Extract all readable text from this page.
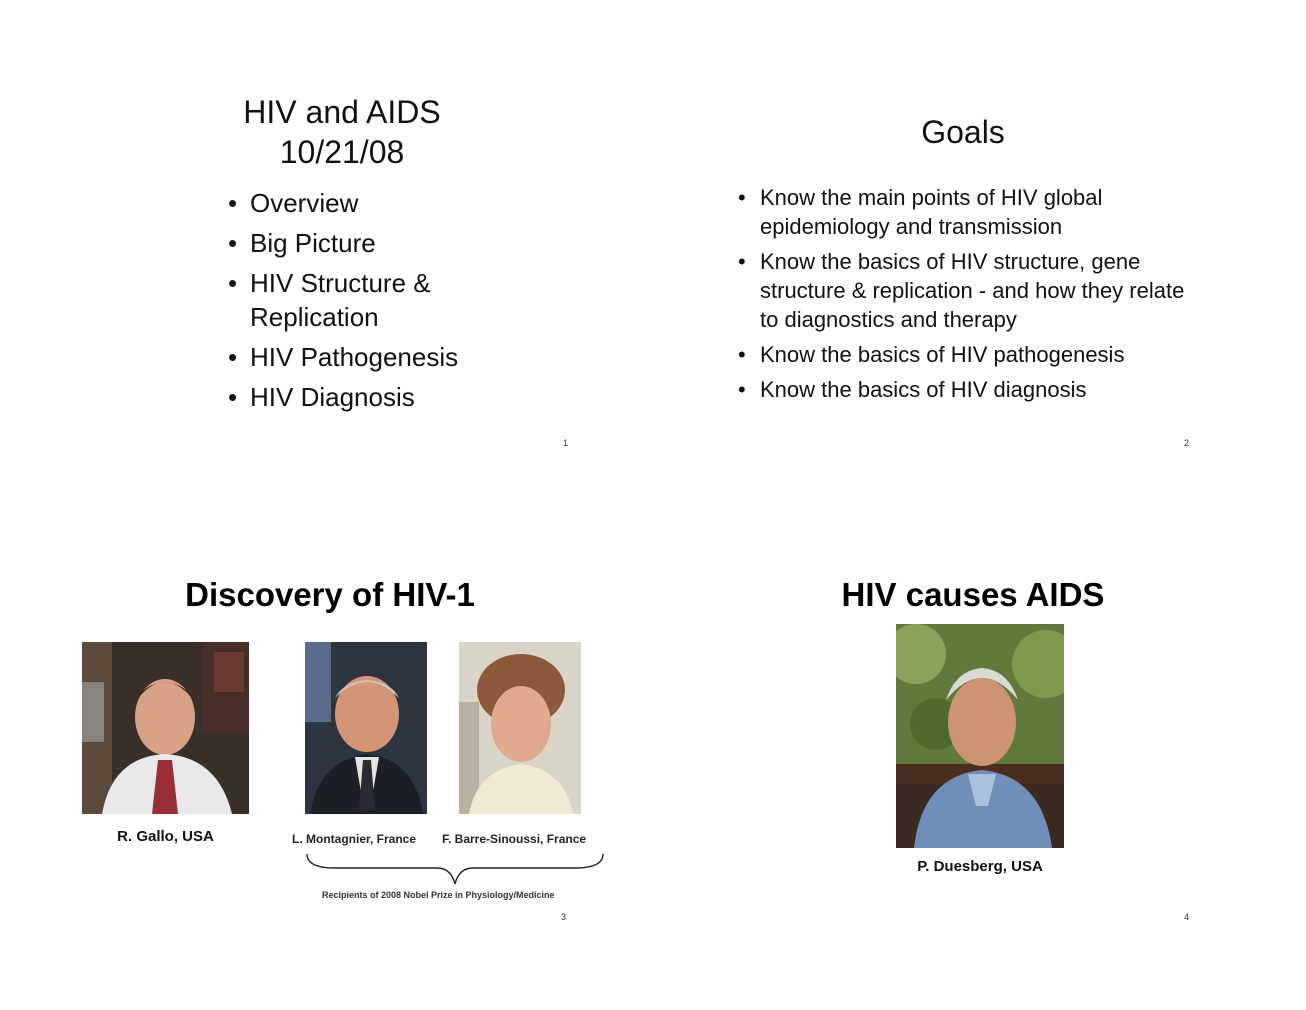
HIV and AIDS
10/21/08
• Overview
• Big Picture
• HIV Structure & Replication
• HIV Pathogenesis
• HIV Diagnosis
1
Goals
• Know the main points of HIV global epidemiology and transmission
• Know the basics of HIV structure, gene structure & replication - and how they relate to diagnostics and therapy
• Know the basics of HIV pathogenesis
• Know the basics of HIV diagnosis
2
Discovery of HIV-1
R. Gallo, USA	L. Montagnier, France F. Barre-Sinoussi, France
Recipients of 2008 Nobel Prize in Physiology/Medicine
3
HIV causes AIDS
P. Duesberg, USA
4
